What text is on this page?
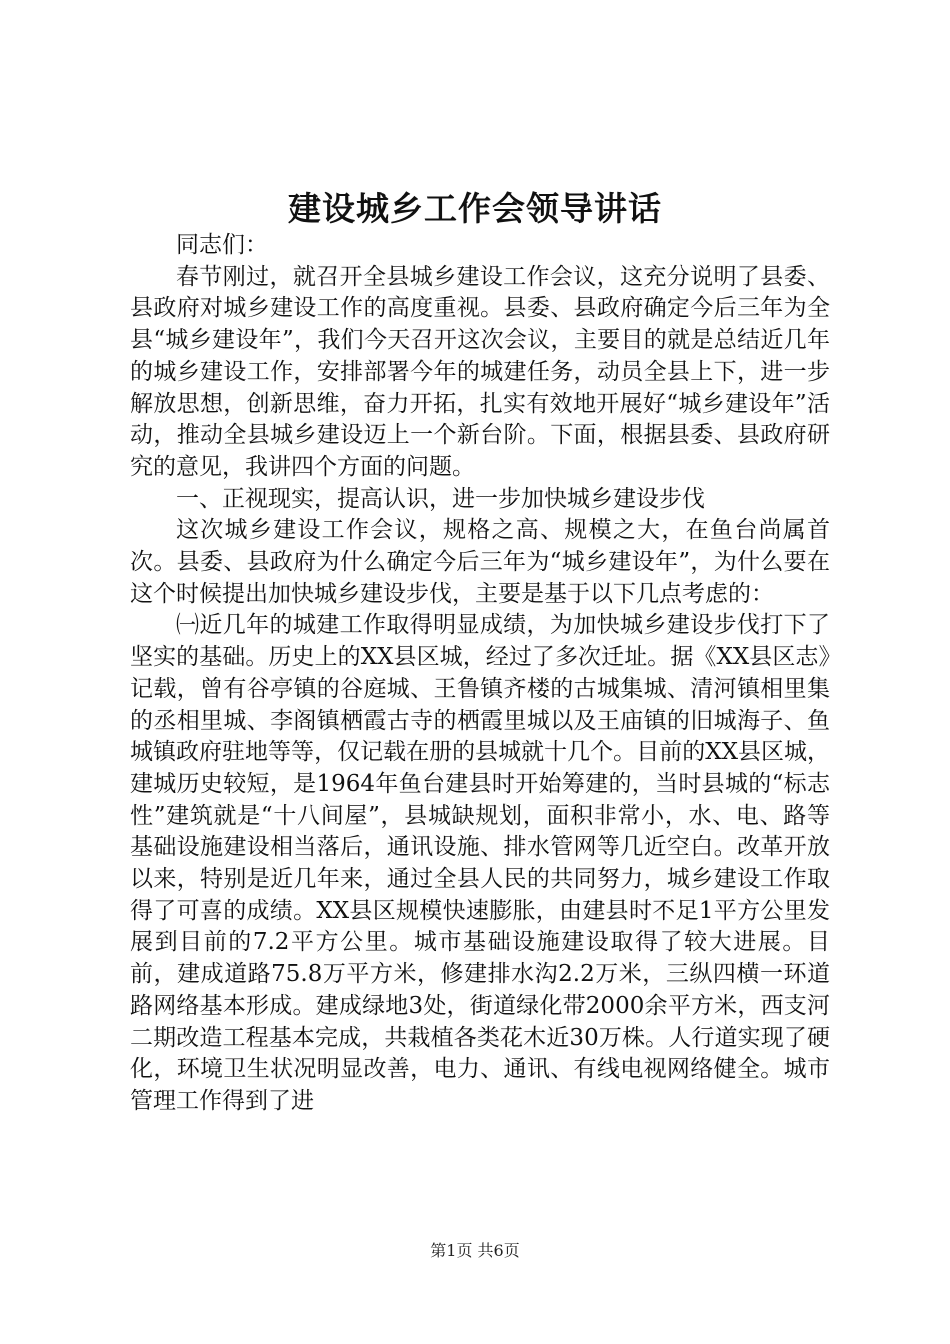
建设城乡工作会领导讲话

同志们：

春节刚过，就召开全县城乡建设工作会议，这充分说明了县委、县政府对城乡建设工作的高度重视。县委、县政府确定今后三年为全县“城乡建设年”，我们今天召开这次会议，主要目的就是总结近几年的城乡建设工作，安排部署今年的城建任务，动员全县上下，进一步解放思想，创新思维，奋力开拓，扎实有效地开展好“城乡建设年”活动，推动全县城乡建设迈上一个新台阶。下面，根据县委、县政府研究的意见，我讲四个方面的问题。

一、正视现实，提高认识，进一步加快城乡建设步伐

这次城乡建设工作会议，规格之高、规模之大，在鱼台尚属首次。县委、县政府为什么确定今后三年为“城乡建设年”，为什么要在这个时候提出加快城乡建设步伐，主要是基于以下几点考虑的：

㈠近几年的城建工作取得明显成绩，为加快城乡建设步伐打下了坚实的基础。历史上的XX县区城，经过了多次迁址。据《XX县区志》记载，曾有谷亭镇的谷庭城、王鲁镇齐楼的古城集城、清河镇相里集的丞相里城、李阁镇栖霞古寺的栖霞里城以及王庙镇的旧城海子、鱼城镇政府驻地等等，仅记载在册的县城就十几个。目前的XX县区城，建城历史较短，是1964年鱼台建县时开始筹建的，当时县城的“标志性”建筑就是“十八间屋”，县城缺规划，面积非常小，水、电、路等基础设施建设相当落后，通讯设施、排水管网等几近空白。改革开放以来，特别是近几年来，通过全县人民的共同努力，城乡建设工作取得了可喜的成绩。XX县区规模快速膨胀，由建县时不足1平方公里发展到目前的7.2平方公里。城市基础设施建设取得了较大进展。目前，建成道路75.8万平方米，修建排水沟2.2万米，三纵四横一环道路网络基本形成。建成绿地3处，街道绿化带2000余平方米，西支河二期改造工程基本完成，共栽植各类花木近30万株。人行道实现了硬化，环境卫生状况明显改善，电力、通讯、有线电视网络健全。城市管理工作得到了进

第1页 共6页
